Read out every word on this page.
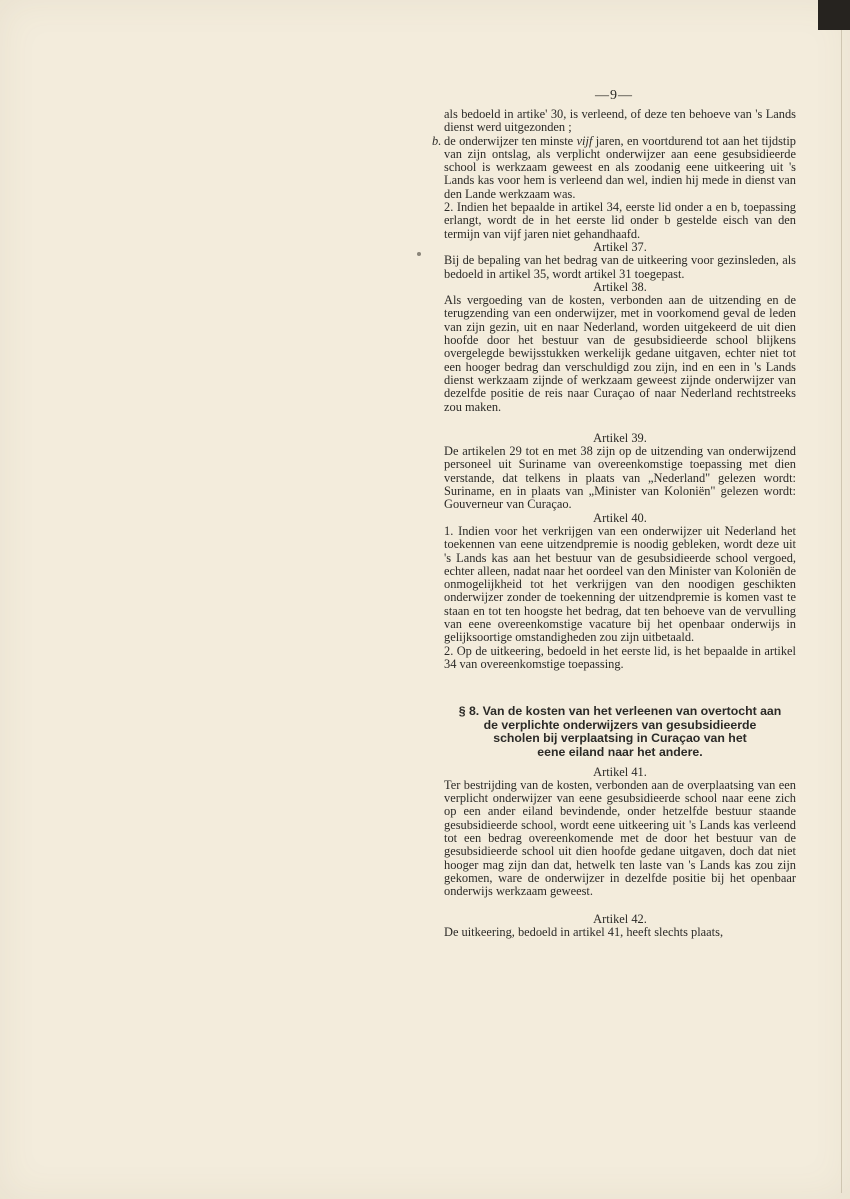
—9—

als bedoeld in artike' 30, is verleend, of deze ten behoeve van 's Lands dienst werd uitgezonden ;

b. de onderwijzer ten minste vijf jaren, en voortdurend tot aan het tijdstip van zijn ontslag, als verplicht onderwijzer aan eene gesubsidieerde school is werkzaam geweest en als zoodanig eene uitkeering uit 's Lands kas voor hem is verleend dan wel, indien hij mede in dienst van den Lande werkzaam was.

2. Indien het bepaalde in artikel 34, eerste lid onder a en b, toepassing erlangt, wordt de in het eerste lid onder b gestelde eisch van den termijn van vijf jaren niet gehandhaafd.

Artikel 37.

Bij de bepaling van het bedrag van de uitkeering voor gezinsleden, als bedoeld in artikel 35, wordt artikel 31 toegepast.

Artikel 38.

Als vergoeding van de kosten, verbonden aan de uitzending en de terugzending van een onderwijzer, met in voorkomend geval de leden van zijn gezin, uit en naar Nederland, worden uitgekeerd de uit dien hoofde door het bestuur van de gesubsidieerde school blijkens overgelegde bewijsstukken werkelijk gedane uitgaven, echter niet tot een hooger bedrag dan verschuldigd zou zijn, ind en een in 's Lands dienst werkzaam zijnde of werkzaam geweest zijnde onderwijzer van dezelfde positie de reis naar Curaçao of naar Nederland rechtstreeks zou maken.

Artikel 39.

De artikelen 29 tot en met 38 zijn op de uitzending van onderwijzend personeel uit Suriname van overeenkomstige toepassing met dien verstande, dat telkens in plaats van „Nederland" gelezen wordt: Suriname, en in plaats van „Minister van Koloniën" gelezen wordt: Gouverneur van Curaçao.

Artikel 40.

1. Indien voor het verkrijgen van een onderwijzer uit Nederland het toekennen van eene uitzendpremie is noodig gebleken, wordt deze uit 's Lands kas aan het bestuur van de gesubsidieerde school vergoed, echter alleen, nadat naar het oordeel van den Minister van Koloniën de onmogelijkheid tot het verkrijgen van den noodigen geschikten onderwijzer zonder de toekenning der uitzendpremie is komen vast te staan en tot ten hoogste het bedrag, dat ten behoeve van de vervulling van eene overeenkomstige vacature bij het openbaar onderwijs in gelijksoortige omstandigheden zou zijn uitbetaald.

2. Op de uitkeering, bedoeld in het eerste lid, is het bepaalde in artikel 34 van overeenkomstige toepassing.

§ 8. Van de kosten van het verleenen van overtocht aan
de verplichte onderwijzers van gesubsidieerde
scholen bij verplaatsing in Curaçao van het
eene eiland naar het andere.

Artikel 41.

Ter bestrijding van de kosten, verbonden aan de overplaatsing van een verplicht onderwijzer van eene gesubsidieerde school naar eene zich op een ander eiland bevindende, onder hetzelfde bestuur staande gesubsidieerde school, wordt eene uitkeering uit 's Lands kas verleend tot een bedrag overeenkomende met de door het bestuur van de gesubsidieerde school uit dien hoofde gedane uitgaven, doch dat niet hooger mag zijn dan dat, hetwelk ten laste van 's Lands kas zou zijn gekomen, ware de onderwijzer in dezelfde positie bij het openbaar onderwijs werkzaam geweest.

Artikel 42.

De uitkeering, bedoeld in artikel 41, heeft slechts plaats,
